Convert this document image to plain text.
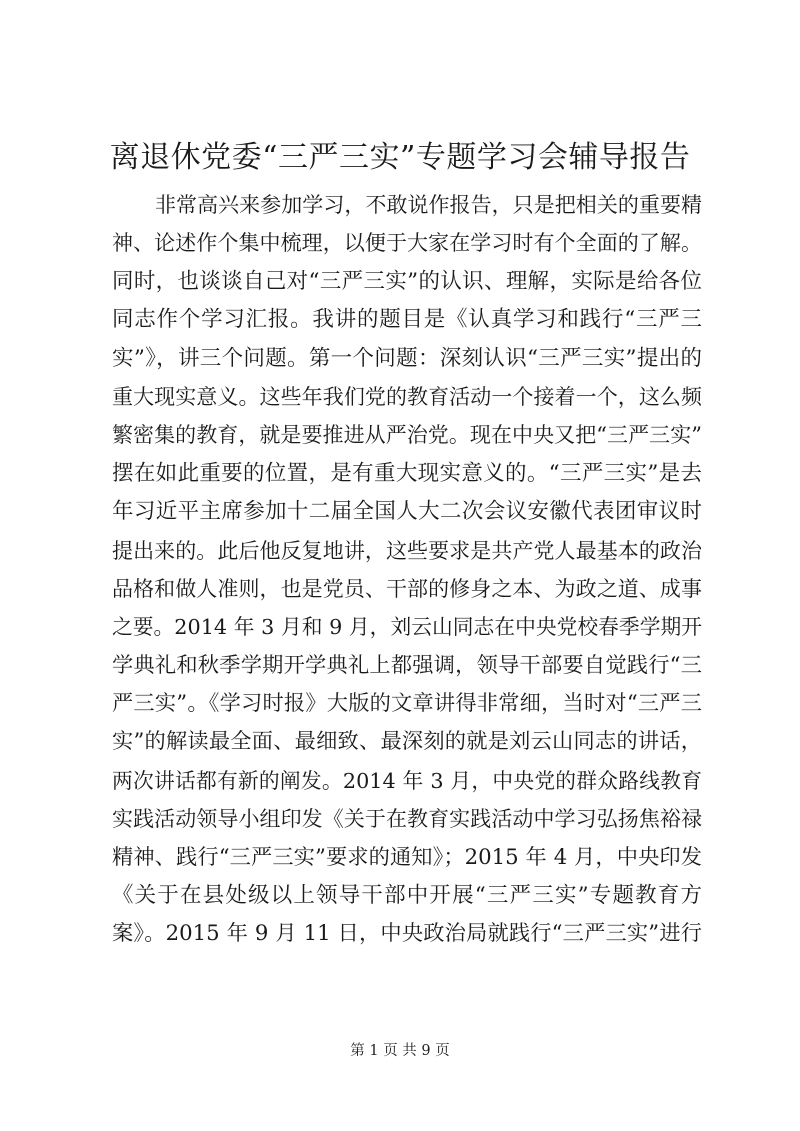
离退休党委“三严三实”专题学习会辅导报告
非常高兴来参加学习，不敢说作报告，只是把相关的重要精
神、论述作个集中梳理，以便于大家在学习时有个全面的了解。
同时，也谈谈自己对“三严三实”的认识、理解，实际是给各位
同志作个学习汇报。我讲的题目是《认真学习和践行“三严三
实”》，讲三个问题。第一个问题：深刻认识“三严三实”提出的
重大现实意义。这些年我们党的教育活动一个接着一个，这么频
繁密集的教育，就是要推进从严治党。现在中央又把“三严三实”
摆在如此重要的位置，是有重大现实意义的。“三严三实”是去
年习近平主席参加十二届全国人大二次会议安徽代表团审议时
提出来的。此后他反复地讲，这些要求是共产党人最基本的政治
品格和做人准则，也是党员、干部的修身之本、为政之道、成事
之要。2014 年 3 月和 9 月，刘云山同志在中央党校春季学期开
学典礼和秋季学期开学典礼上都强调，领导干部要自觉践行“三
严三实”。《学习时报》大版的文章讲得非常细，当时对“三严三
实”的解读最全面、最细致、最深刻的就是刘云山同志的讲话，
两次讲话都有新的阐发。2014 年 3 月，中央党的群众路线教育
实践活动领导小组印发《关于在教育实践活动中学习弘扬焦裕禄
精神、践行“三严三实”要求的通知》；2015 年 4 月，中央印发
《关于在县处级以上领导干部中开展“三严三实”专题教育方
案》。2015 年 9 月 11 日，中央政治局就践行“三严三实”进行
第 1 页 共 9 页
